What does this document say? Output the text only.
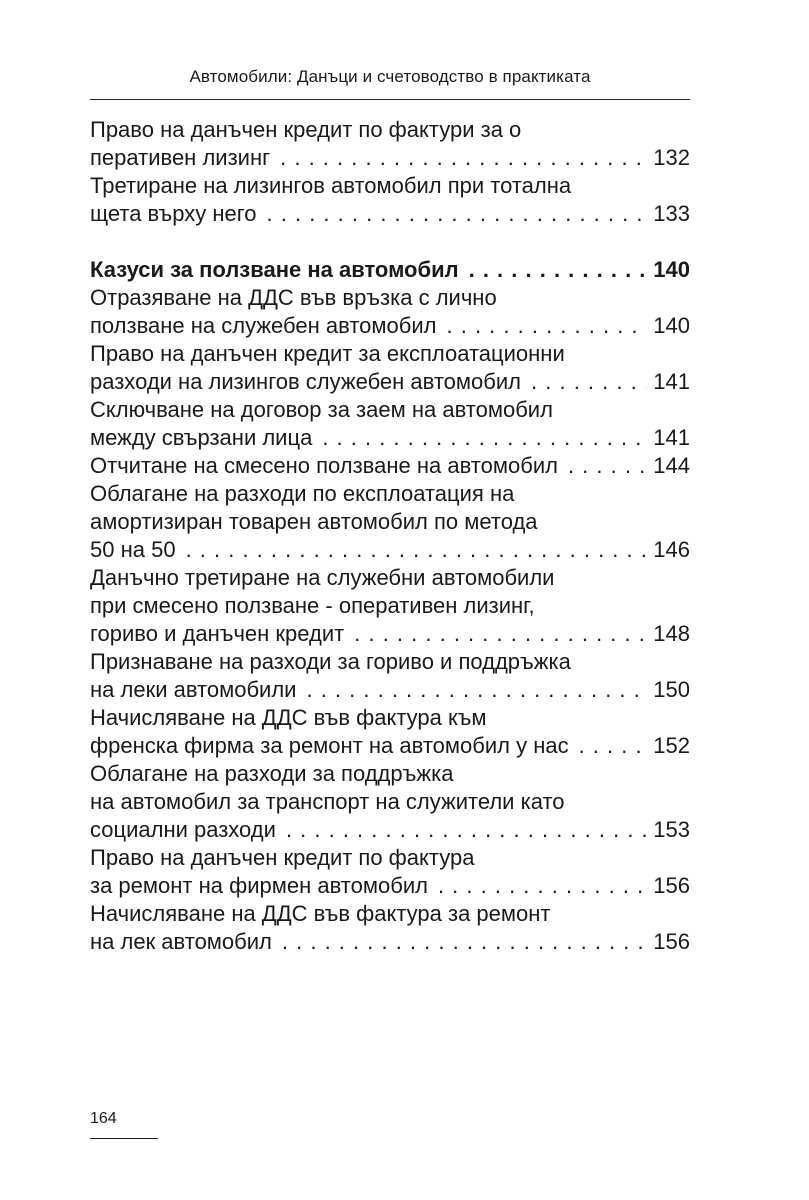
Автомобили: Данъци и счетоводство в практиката
Право на данъчен кредит по фактури за о
перативен лизинг . . .	132
Третиране на лизингов автомобил при тотална
щета върху него . . .	133
Казуси за ползване на автомобил . . .	140
Отразяване на ДДС във връзка с лично
ползване на служебен автомобил . . .	140
Право на данъчен кредит за експлоатационни
разходи на лизингов служебен автомобил . . .	141
Сключване на договор за заем на автомобил
между свързани лица . . .	141
Отчитане на смесено ползване на автомобил . . .	144
Облагане на разходи по експлоатация на
амортизиран товарен автомобил по метода
50 на 50 . . .	146
Данъчно третиране на служебни автомобили
при смесено ползване - оперативен лизинг,
гориво и данъчен кредит . . .	148
Признаване на разходи за гориво и поддръжка
на леки автомобили . . .	150
Начисляване на ДДС във фактура към
френска фирма за ремонт на автомобил у нас . . .	152
Облагане на разходи за поддръжка
на автомобил за транспорт на служители като
социални разходи . . .	153
Право на данъчен кредит по фактура
за ремонт на фирмен автомобил . . .	156
Начисляване на ДДС във фактура за ремонт
на лек автомобил . . .	156
164
